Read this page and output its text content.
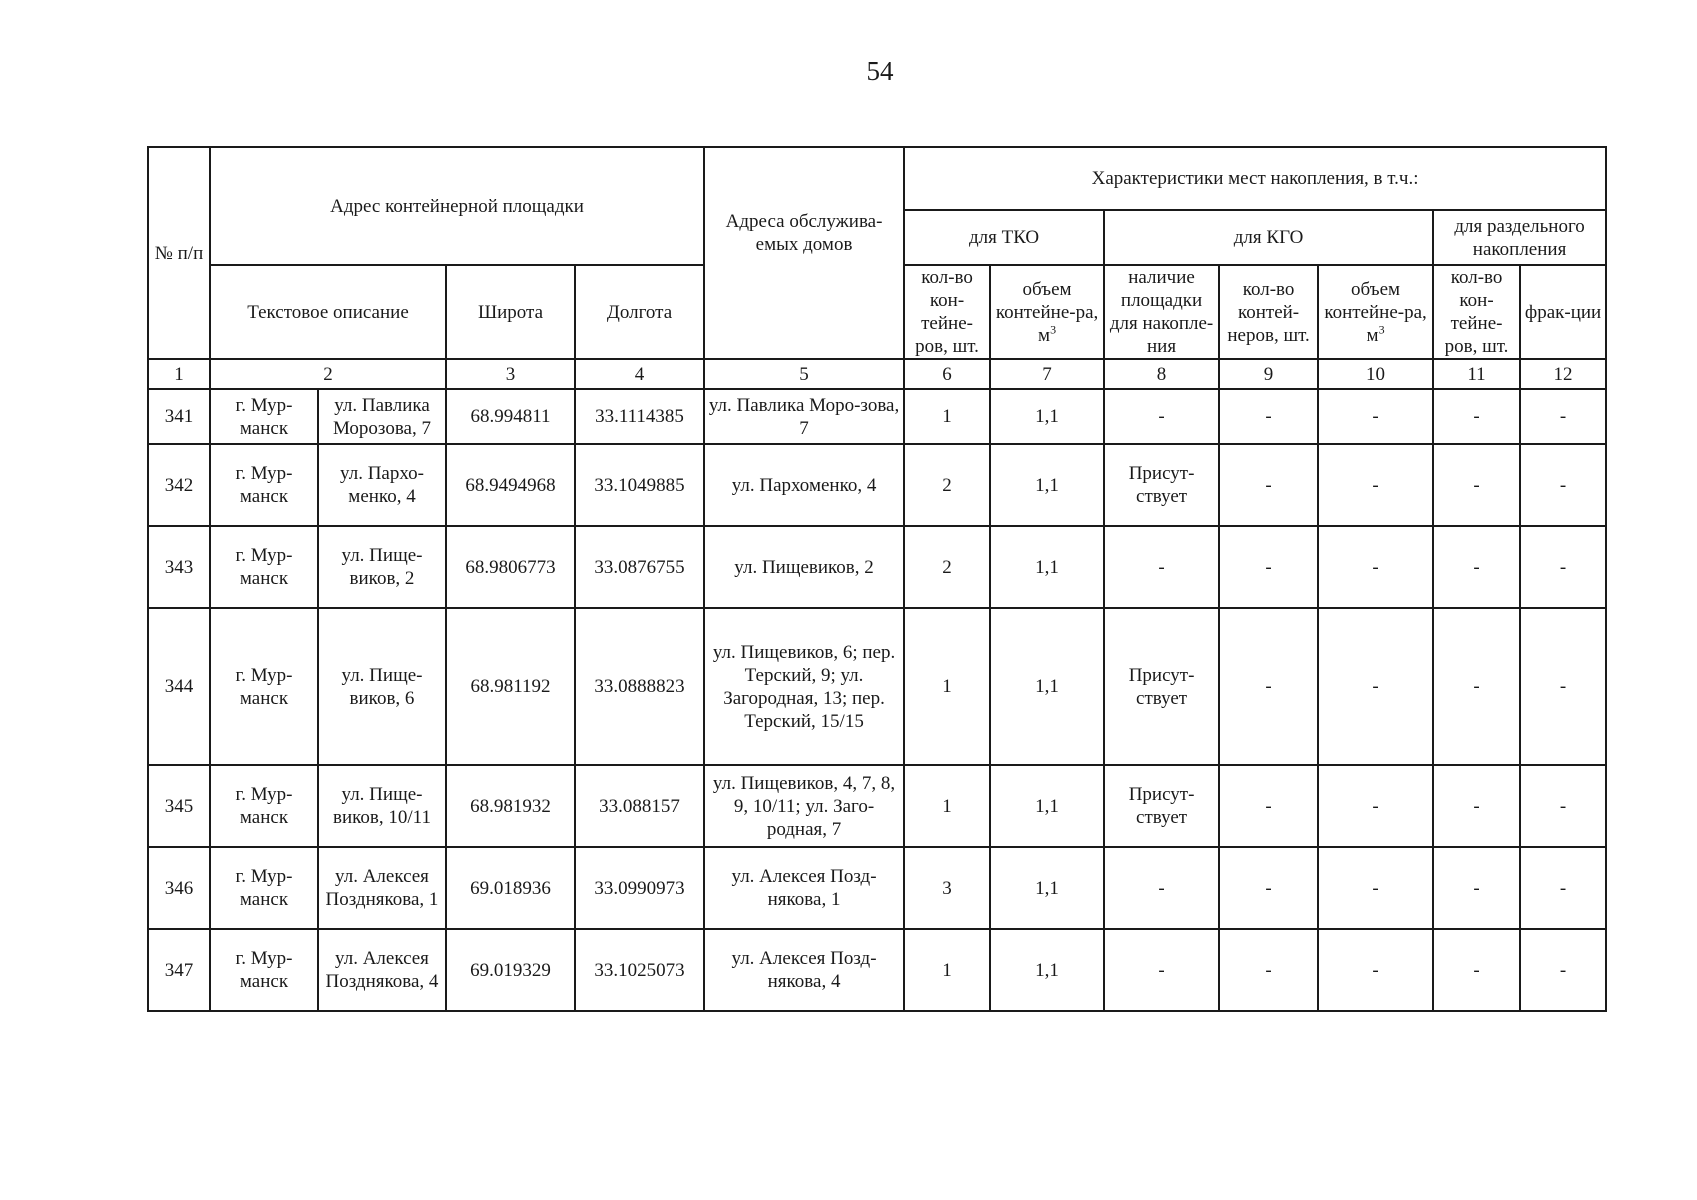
54
№ п/п	Адрес контейнерной площадки				Адреса обслужива-емых домов	Характеристики мест накопления, в т.ч.:						
						для ТКО		для КГО			для раздельного накопления	
	Текстовое описание		Широта	Долгота		кол-во кон-тейне-ров, шт.	объем контейне-ра, $м^3$	наличие площадки для накопле-ния	кол-во контей-неров, шт.	объем контейне-ра, $м^3$	кол-во кон-тейне-ров, шт.	фрак-ции
1	2		3	4	5	6	7	8	9	10	11	12
341	г. Мур-манск	ул. Павлика Морозова, 7	68.994811	33.1114385	ул. Павлика Моро-зова, 7	1	1,1	-	-	-	-	-
342	г. Мур-манск	ул. Пархо-менко, 4	68.9494968	33.1049885	ул. Пархоменко, 4	2	1,1	Присут-ствует	-	-	-	-
343	г. Мур-манск	ул. Пище-виков, 2	68.9806773	33.0876755	ул. Пищевиков, 2	2	1,1	-	-	-	-	-
344	г. Мур-манск	ул. Пище-виков, 6	68.981192	33.0888823	ул. Пищевиков, 6; пер. Терский, 9; ул. Загородная, 13; пер. Терский, 15/15	1	1,1	Присут-ствует	-	-	-	-
345	г. Мур-манск	ул. Пище-виков, 10/11	68.981932	33.088157	ул. Пищевиков, 4, 7, 8, 9, 10/11; ул. Заго-родная, 7	1	1,1	Присут-ствует	-	-	-	-
346	г. Мур-манск	ул. Алексея Позднякова, 1	69.018936	33.0990973	ул. Алексея Позд-някова, 1	3	1,1	-	-	-	-	-
347	г. Мур-манск	ул. Алексея Позднякова, 4	69.019329	33.1025073	ул. Алексея Позд-някова, 4	1	1,1	-	-	-	-	-
